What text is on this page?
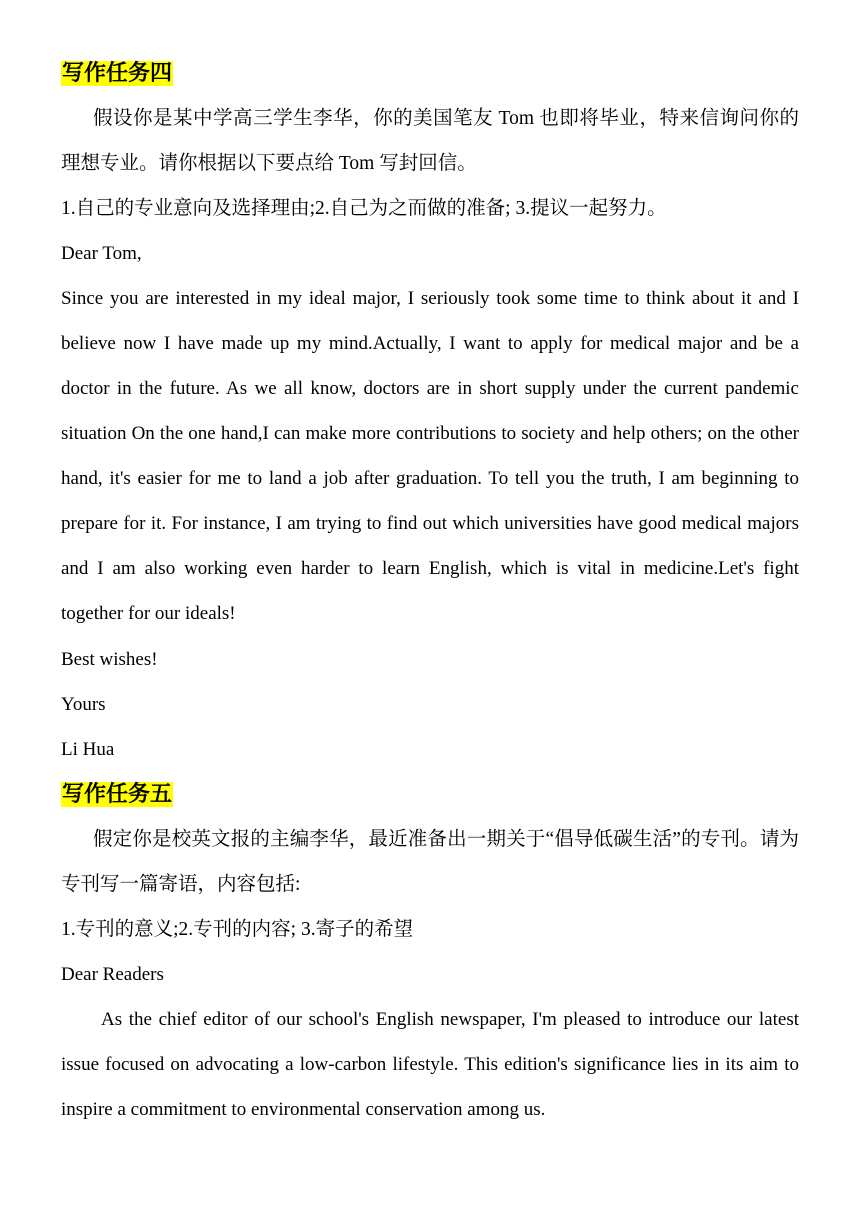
写作任务四

假设你是某中学高三学生李华，你的美国笔友 Tom 也即将毕业，特来信询问你的理想专业。请你根据以下要点给 Tom 写封回信。

1.自己的专业意向及选择理由;2.自己为之而做的准备; 3.提议一起努力。

Dear Tom,

Since you are interested in my ideal major, I seriously took some time to think about it and I believe now I have made up my mind.Actually, I want to apply for medical major and be a doctor in the future. As we all know, doctors are in short supply under the current pandemic situation On the one hand,I can make more contributions to society and help others; on the other hand, it's easier for me to land a job after graduation. To tell you the truth, I am beginning to prepare for it. For instance, I am trying to find out which universities have good medical majors and I am also working even harder to learn English, which is vital in medicine.Let's fight together for our ideals!

Best wishes!

Yours

Li Hua

写作任务五

假定你是校英文报的主编李华，最近准备出一期关于“倡导低碳生活”的专刊。请为专刊写一篇寄语，内容包括:

1.专刊的意义;2.专刊的内容; 3.寄子的希望

Dear Readers

As the chief editor of our school's English newspaper, I'm pleased to introduce our latest issue focused on advocating a low-carbon lifestyle. This edition's significance lies in its aim to inspire a commitment to environmental conservation among us.
